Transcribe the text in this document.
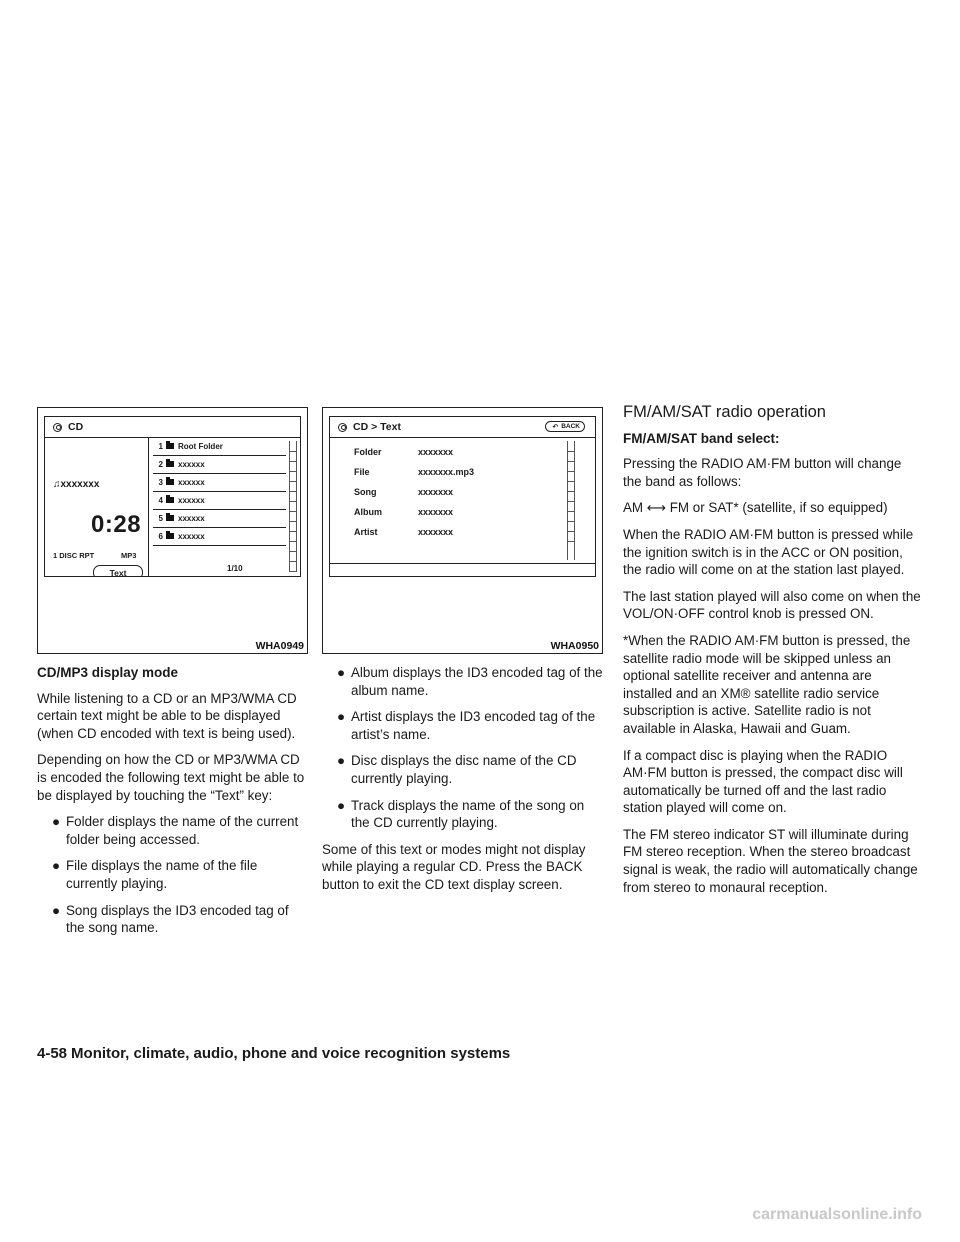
CD
♫xxxxxxx
0:28
1 DISC RPT	MP3
Text
1 Root Folder
2 xxxxxx
3 xxxxxx
4 xxxxxx
5 xxxxxx
6 xxxxxx
1/10
WHA0949
CD > Text	↶ BACK
Folder	xxxxxxx
File	xxxxxxx.mp3
Song	xxxxxxx
Album	xxxxxxx
Artist	xxxxxxx
WHA0950
CD/MP3 display mode

While listening to a CD or an MP3/WMA CD certain text might be able to be displayed (when CD encoded with text is being used).

Depending on how the CD or MP3/WMA CD is encoded the following text might be able to be displayed by touching the “Text” key:

● Folder displays the name of the current folder being accessed.
● File displays the name of the file currently playing.
● Song displays the ID3 encoded tag of the song name.
● Album displays the ID3 encoded tag of the album name.
● Artist displays the ID3 encoded tag of the artist’s name.
● Disc displays the disc name of the CD currently playing.
● Track displays the name of the song on the CD currently playing.

Some of this text or modes might not display while playing a regular CD. Press the BACK button to exit the CD text display screen.

FM/AM/SAT radio operation
FM/AM/SAT band select:

Pressing the RADIO AM·FM button will change the band as follows:

AM ⟷ FM or SAT* (satellite, if so equipped)

When the RADIO AM·FM button is pressed while the ignition switch is in the ACC or ON position, the radio will come on at the station last played.

The last station played will also come on when the VOL/ON·OFF control knob is pressed ON.

*When the RADIO AM·FM button is pressed, the satellite radio mode will be skipped unless an optional satellite receiver and antenna are installed and an XM® satellite radio service subscription is active. Satellite radio is not available in Alaska, Hawaii and Guam.

If a compact disc is playing when the RADIO AM·FM button is pressed, the compact disc will automatically be turned off and the last radio station played will come on.

The FM stereo indicator ST will illuminate during FM stereo reception. When the stereo broadcast signal is weak, the radio will automatically change from stereo to monaural reception.

4-58 Monitor, climate, audio, phone and voice recognition systems
carmanualsonline.info
